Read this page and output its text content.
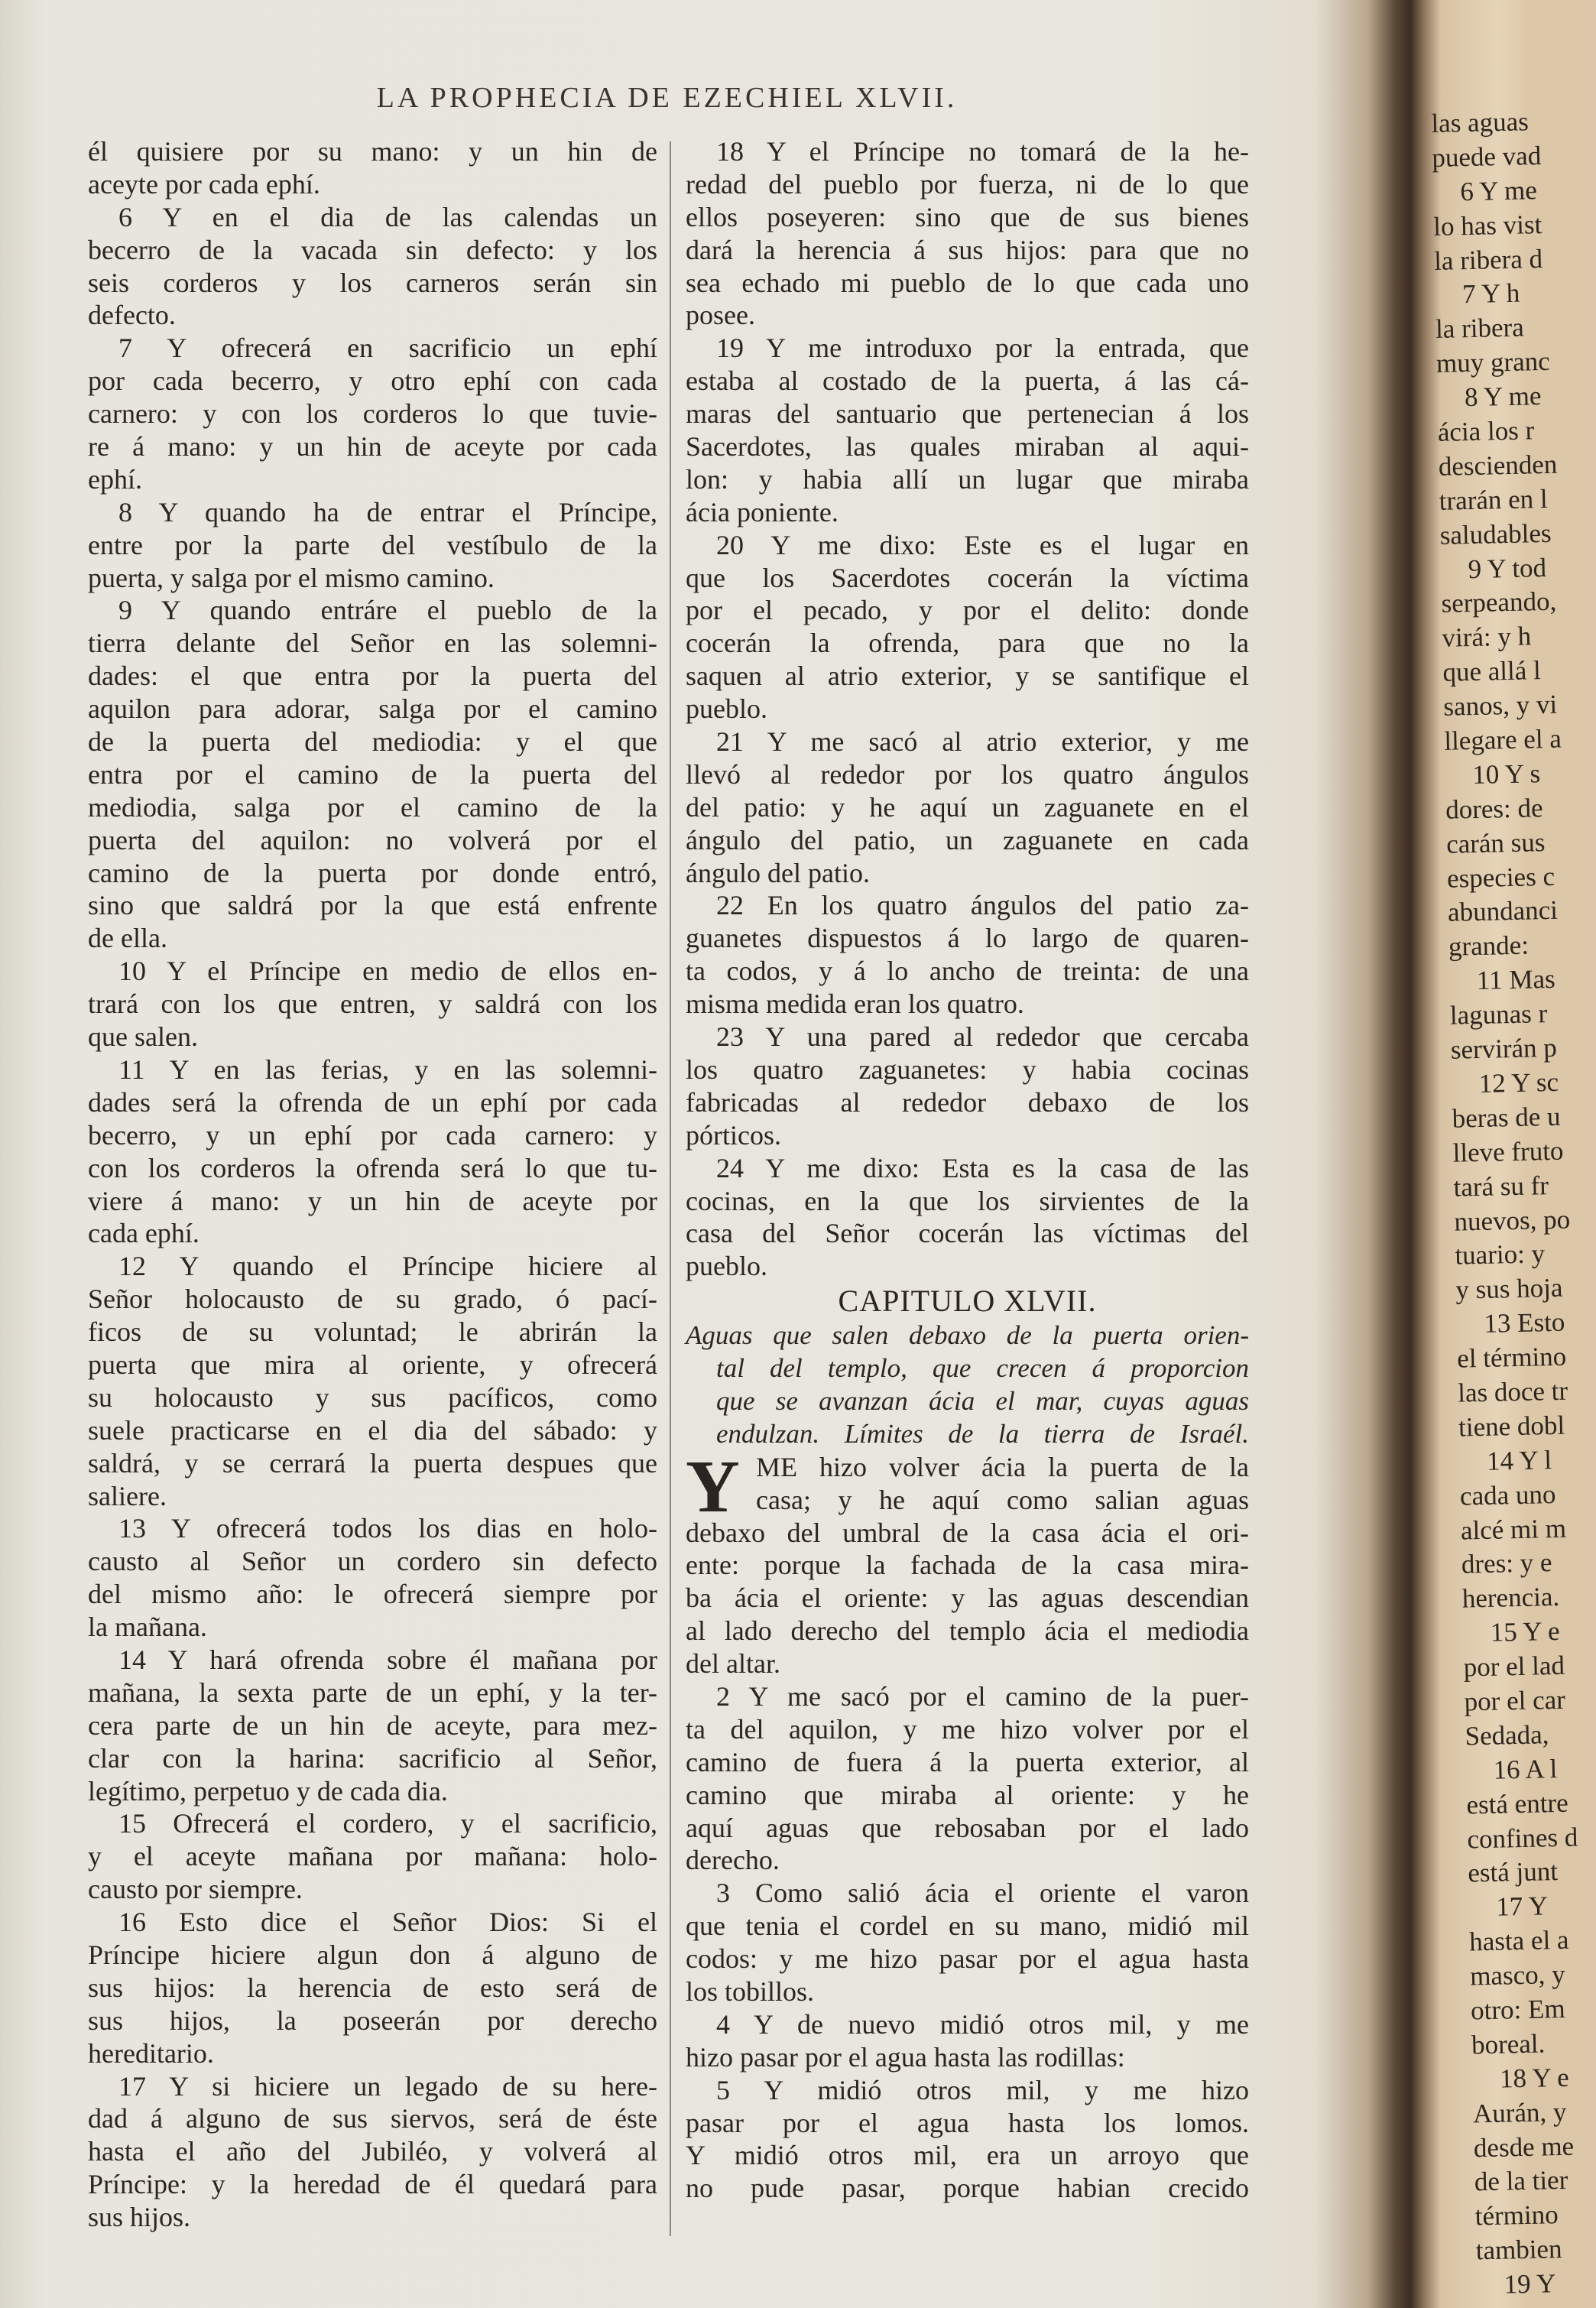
LA PROPHECIA DE EZECHIEL XLVII.
él quisiere por su mano: y un hin de
aceyte por cada ephí.
6 Y en el dia de las calendas un
becerro de la vacada sin defecto: y los
seis corderos y los carneros serán sin
defecto.
7 Y ofrecerá en sacrificio un ephí
por cada becerro, y otro ephí con cada
carnero: y con los corderos lo que tuvie-
re á mano: y un hin de aceyte por cada
ephí.
8 Y quando ha de entrar el Príncipe,
entre por la parte del vestíbulo de la
puerta, y salga por el mismo camino.
9 Y quando entráre el pueblo de la
tierra delante del Señor en las solemni-
dades: el que entra por la puerta del
aquilon para adorar, salga por el camino
de la puerta del mediodia: y el que
entra por el camino de la puerta del
mediodia, salga por el camino de la
puerta del aquilon: no volverá por el
camino de la puerta por donde entró,
sino que saldrá por la que está enfrente
de ella.
10 Y el Príncipe en medio de ellos en-
trará con los que entren, y saldrá con los
que salen.
11 Y en las ferias, y en las solemni-
dades será la ofrenda de un ephí por cada
becerro, y un ephí por cada carnero: y
con los corderos la ofrenda será lo que tu-
viere á mano: y un hin de aceyte por
cada ephí.
12 Y quando el Príncipe hiciere al
Señor holocausto de su grado, ó pací-
ficos de su voluntad; le abrirán la
puerta que mira al oriente, y ofrecerá
su holocausto y sus pacíficos, como
suele practicarse en el dia del sábado: y
saldrá, y se cerrará la puerta despues que
saliere.
13 Y ofrecerá todos los dias en holo-
causto al Señor un cordero sin defecto
del mismo año: le ofrecerá siempre por
la mañana.
14 Y hará ofrenda sobre él mañana por
mañana, la sexta parte de un ephí, y la ter-
cera parte de un hin de aceyte, para mez-
clar con la harina: sacrificio al Señor,
legítimo, perpetuo y de cada dia.
15 Ofrecerá el cordero, y el sacrificio,
y el aceyte mañana por mañana: holo-
causto por siempre.
16 Esto dice el Señor Dios: Si el
Príncipe hiciere algun don á alguno de
sus hijos: la herencia de esto será de
sus hijos, la poseerán por derecho
hereditario.
17 Y si hiciere un legado de su here-
dad á alguno de sus siervos, será de éste
hasta el año del Jubiléo, y volverá al
Príncipe: y la heredad de él quedará para
sus hijos.
18 Y el Príncipe no tomará de la he-
redad del pueblo por fuerza, ni de lo que
ellos poseyeren: sino que de sus bienes
dará la herencia á sus hijos: para que no
sea echado mi pueblo de lo que cada uno
posee.
19 Y me introduxo por la entrada, que
estaba al costado de la puerta, á las cá-
maras del santuario que pertenecian á los
Sacerdotes, las quales miraban al aqui-
lon: y habia allí un lugar que miraba
ácia poniente.
20 Y me dixo: Este es el lugar en
que los Sacerdotes cocerán la víctima
por el pecado, y por el delito: donde
cocerán la ofrenda, para que no la
saquen al atrio exterior, y se santifique el
pueblo.
21 Y me sacó al atrio exterior, y me
llevó al rededor por los quatro ángulos
del patio: y he aquí un zaguanete en el
ángulo del patio, un zaguanete en cada
ángulo del patio.
22 En los quatro ángulos del patio za-
guanetes dispuestos á lo largo de quaren-
ta codos, y á lo ancho de treinta: de una
misma medida eran los quatro.
23 Y una pared al rededor que cercaba
los quatro zaguanetes: y habia cocinas
fabricadas al rededor debaxo de los
pórticos.
24 Y me dixo: Esta es la casa de las
cocinas, en la que los sirvientes de la
casa del Señor cocerán las víctimas del
pueblo.
CAPITULO XLVII.
Aguas que salen debaxo de la puerta orien-
tal del templo, que crecen á proporcion
que se avanzan ácia el mar, cuyas aguas
endulzan. Límites de la tierra de Israél.
Y ME hizo volver ácia la puerta de la
casa; y he aquí como salian aguas
debaxo del umbral de la casa ácia el ori-
ente: porque la fachada de la casa mira-
ba ácia el oriente: y las aguas descendian
al lado derecho del templo ácia el mediodia
del altar.
2 Y me sacó por el camino de la puer-
ta del aquilon, y me hizo volver por el
camino de fuera á la puerta exterior, al
camino que miraba al oriente: y he
aquí aguas que rebosaban por el lado
derecho.
3 Como salió ácia el oriente el varon
que tenia el cordel en su mano, midió mil
codos: y me hizo pasar por el agua hasta
los tobillos.
4 Y de nuevo midió otros mil, y me
hizo pasar por el agua hasta las rodillas:
5 Y midió otros mil, y me hizo
pasar por el agua hasta los lomos.
Y midió otros mil, era un arroyo que
no pude pasar, porque habian crecido
las aguas
puede vad
6 Y me
lo has vist
la ribera d
7 Y h
la ribera
muy granc
8 Y me
ácia los r
descienden
trarán en l
saludables
9 Y tod
serpeando,
virá: y h
que allá l
sanos, y vi
llegare el a
10 Y s
dores: de
carán sus
especies c
abundanci
grande:
11 Mas
lagunas r
servirán p
12 Y sc
beras de u
lleve fruto
tará su fr
nuevos, po
tuario: y
y sus hoja
13 Esto
el término
las doce tr
tiene dobl
14 Y l
cada uno
alcé mi m
dres: y e
herencia.
15 Y e
por el lad
por el car
Sedada,
16 A l
está entre
confines d
está junt
17 Y
hasta el a
masco, y
otro: Em
boreal.
18 Y e
Aurán, y
desde me
de la tier
término
tambien
19 Y
